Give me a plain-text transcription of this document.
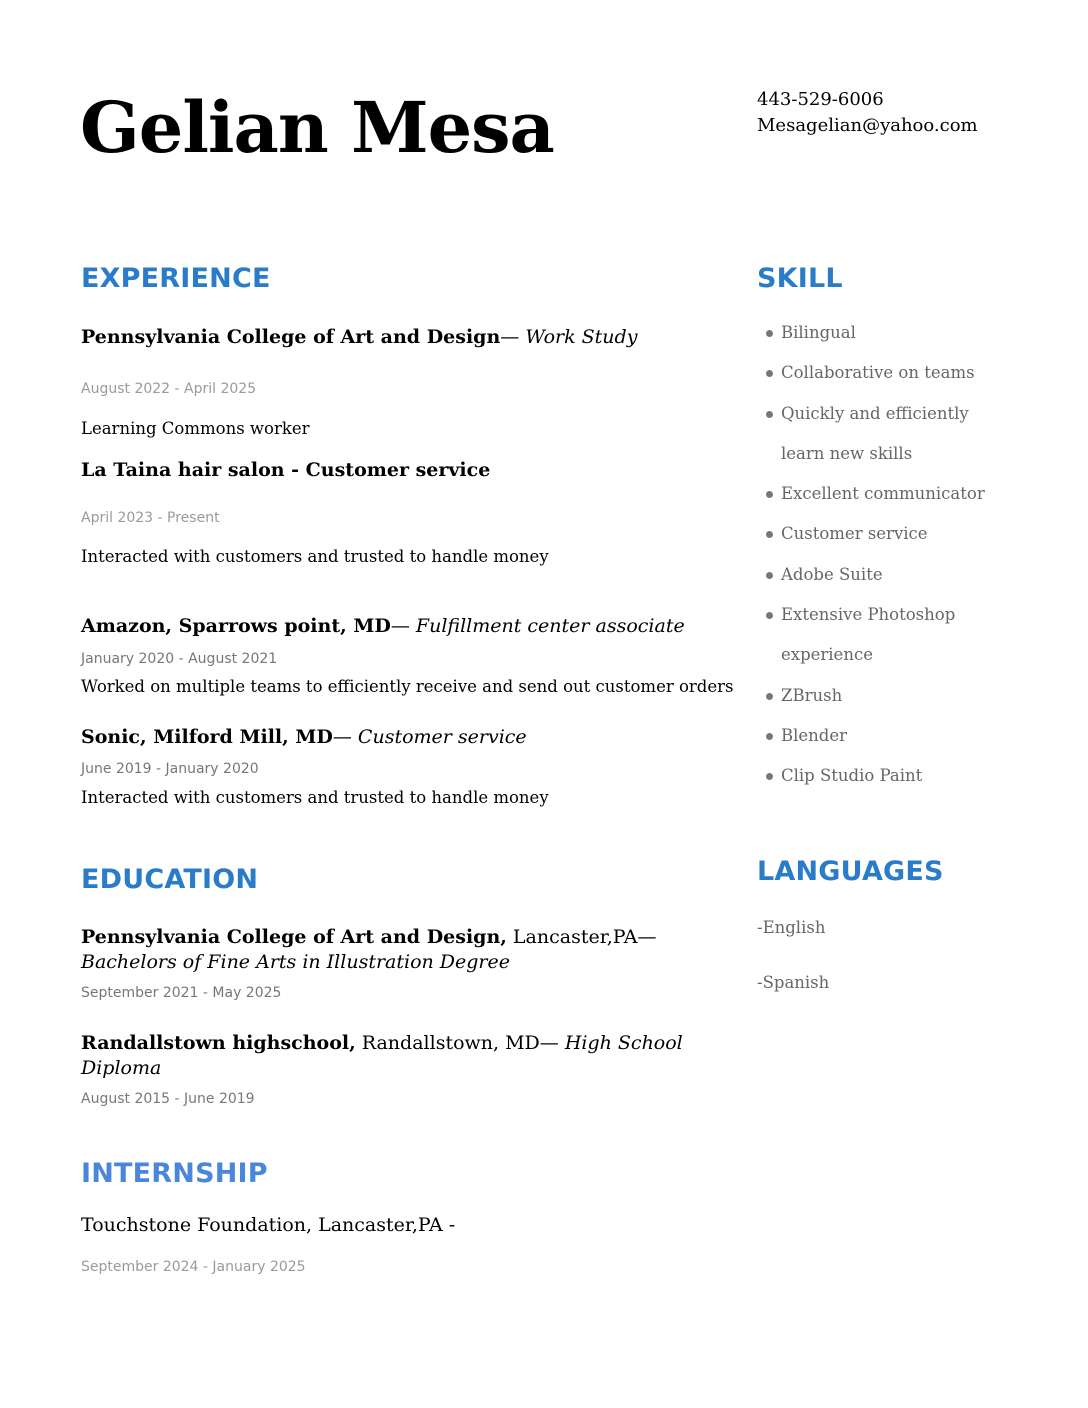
Gelian Mesa	443-529-6006
Mesagelian@yahoo.com
EXPERIENCE
Pennsylvania College of Art and Design— Work Study
August 2022 - April 2025
Learning Commons worker
La Taina hair salon - Customer service
April 2023 - Present
Interacted with customers and trusted to handle money
Amazon, Sparrows point, MD— Fulfillment center associate
January 2020 - August 2021
Worked on multiple teams to efficiently receive and send out customer orders
Sonic, Milford Mill, MD— Customer service
June 2019 - January 2020
Interacted with customers and trusted to handle money
EDUCATION
Pennsylvania College of Art and Design, Lancaster,PA— Bachelors of Fine Arts in Illustration Degree
September 2021 - May 2025
Randallstown highschool, Randallstown, MD— High School Diploma
August 2015 - June 2019
INTERNSHIP
Touchstone Foundation, Lancaster,PA -
September 2024 - January 2025
SKILL
Bilingual
Collaborative on teams
Quickly and efficiently learn new skills
Excellent communicator
Customer service
Adobe Suite
Extensive Photoshop experience
ZBrush
Blender
Clip Studio Paint
LANGUAGES
-English
-Spanish
